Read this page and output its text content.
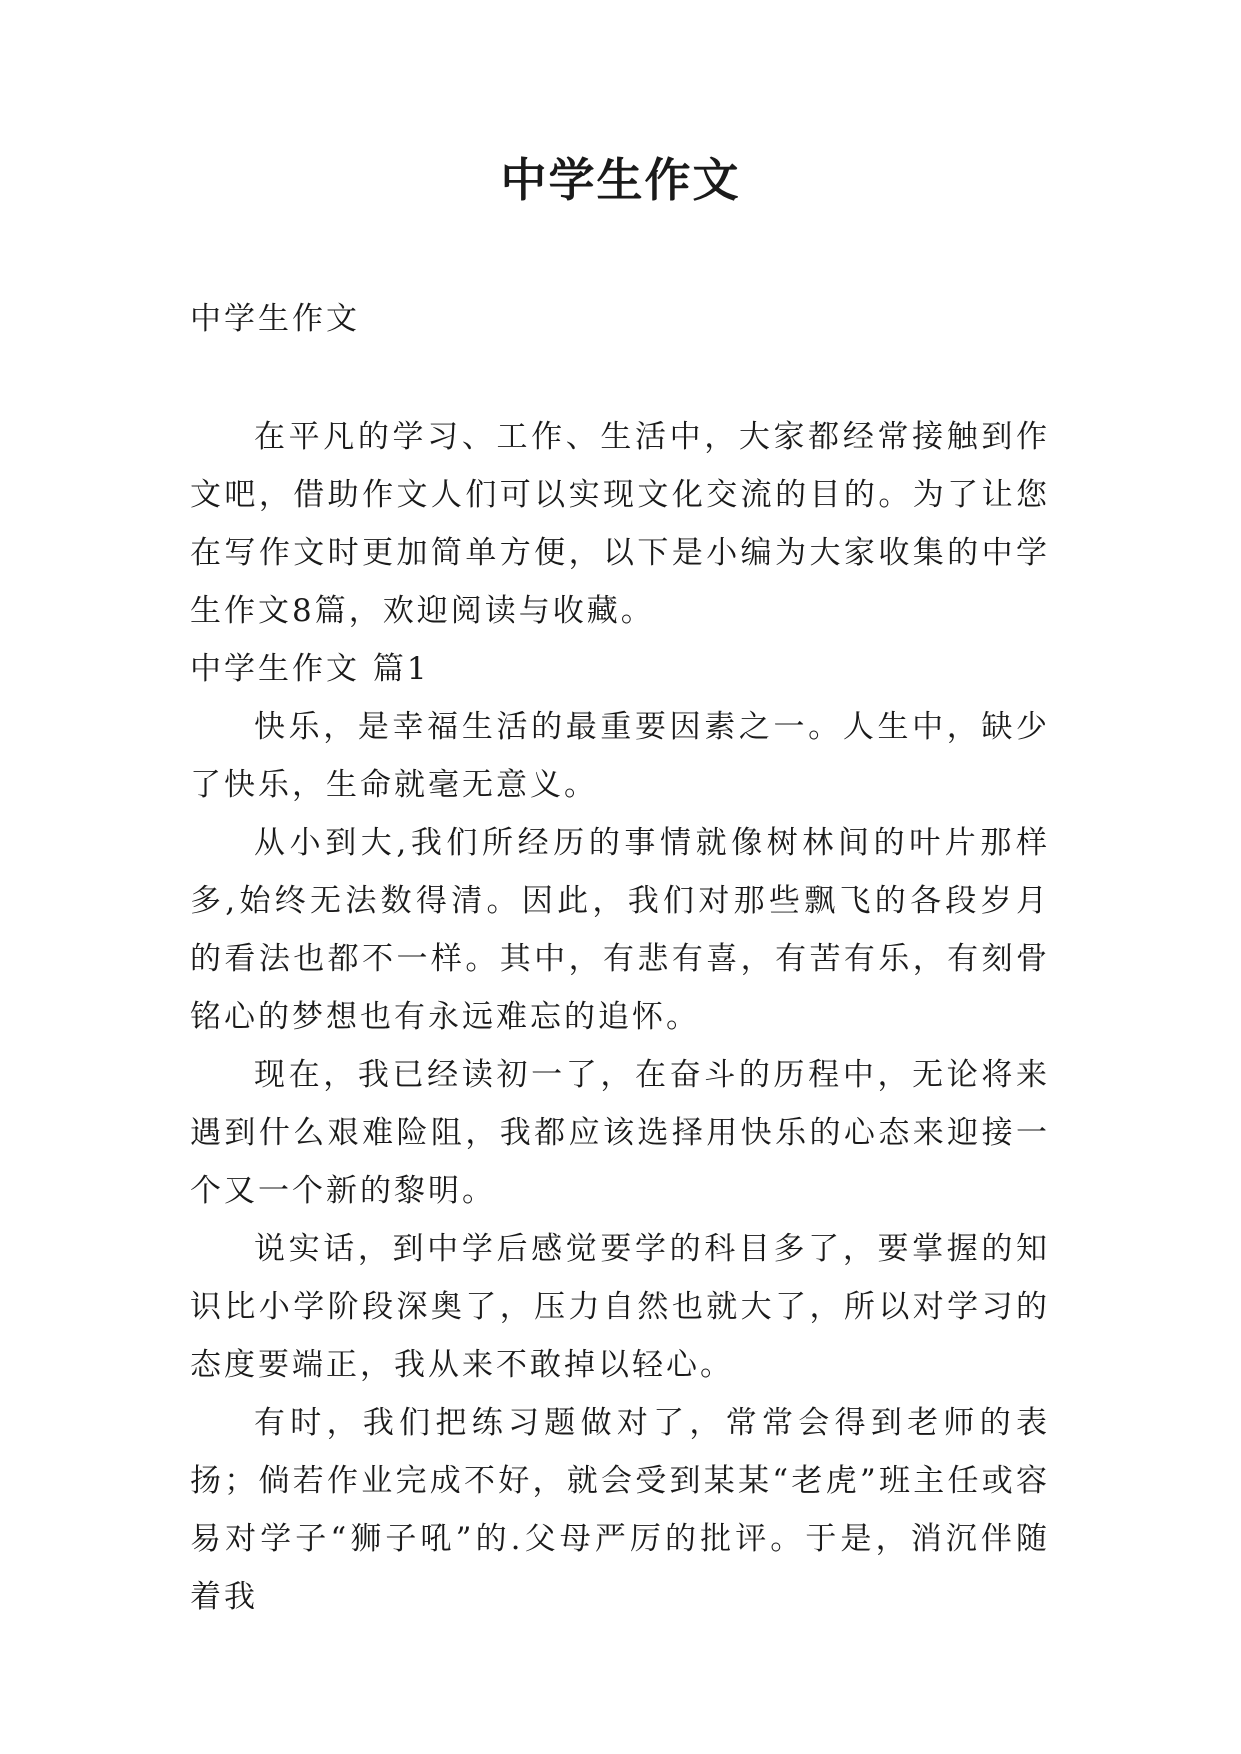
中学生作文

中学生作文

在平凡的学习、工作、生活中，大家都经常接触到作文吧，借助作文人们可以实现文化交流的目的。为了让您在写作文时更加简单方便，以下是小编为大家收集的中学生作文8篇，欢迎阅读与收藏。

中学生作文 篇1

快乐，是幸福生活的最重要因素之一。人生中，缺少了快乐，生命就毫无意义。

从小到大,我们所经历的事情就像树林间的叶片那样多,始终无法数得清。因此，我们对那些飘飞的各段岁月的看法也都不一样。其中，有悲有喜，有苦有乐，有刻骨铭心的梦想也有永远难忘的追怀。

现在，我已经读初一了，在奋斗的历程中，无论将来遇到什么艰难险阻，我都应该选择用快乐的心态来迎接一个又一个新的黎明。

说实话，到中学后感觉要学的科目多了，要掌握的知识比小学阶段深奥了，压力自然也就大了，所以对学习的态度要端正，我从来不敢掉以轻心。

有时，我们把练习题做对了，常常会得到老师的表扬；倘若作业完成不好，就会受到某某“老虎”班主任或容易对学子“狮子吼”的.父母严厉的批评。于是，消沉伴随着我
